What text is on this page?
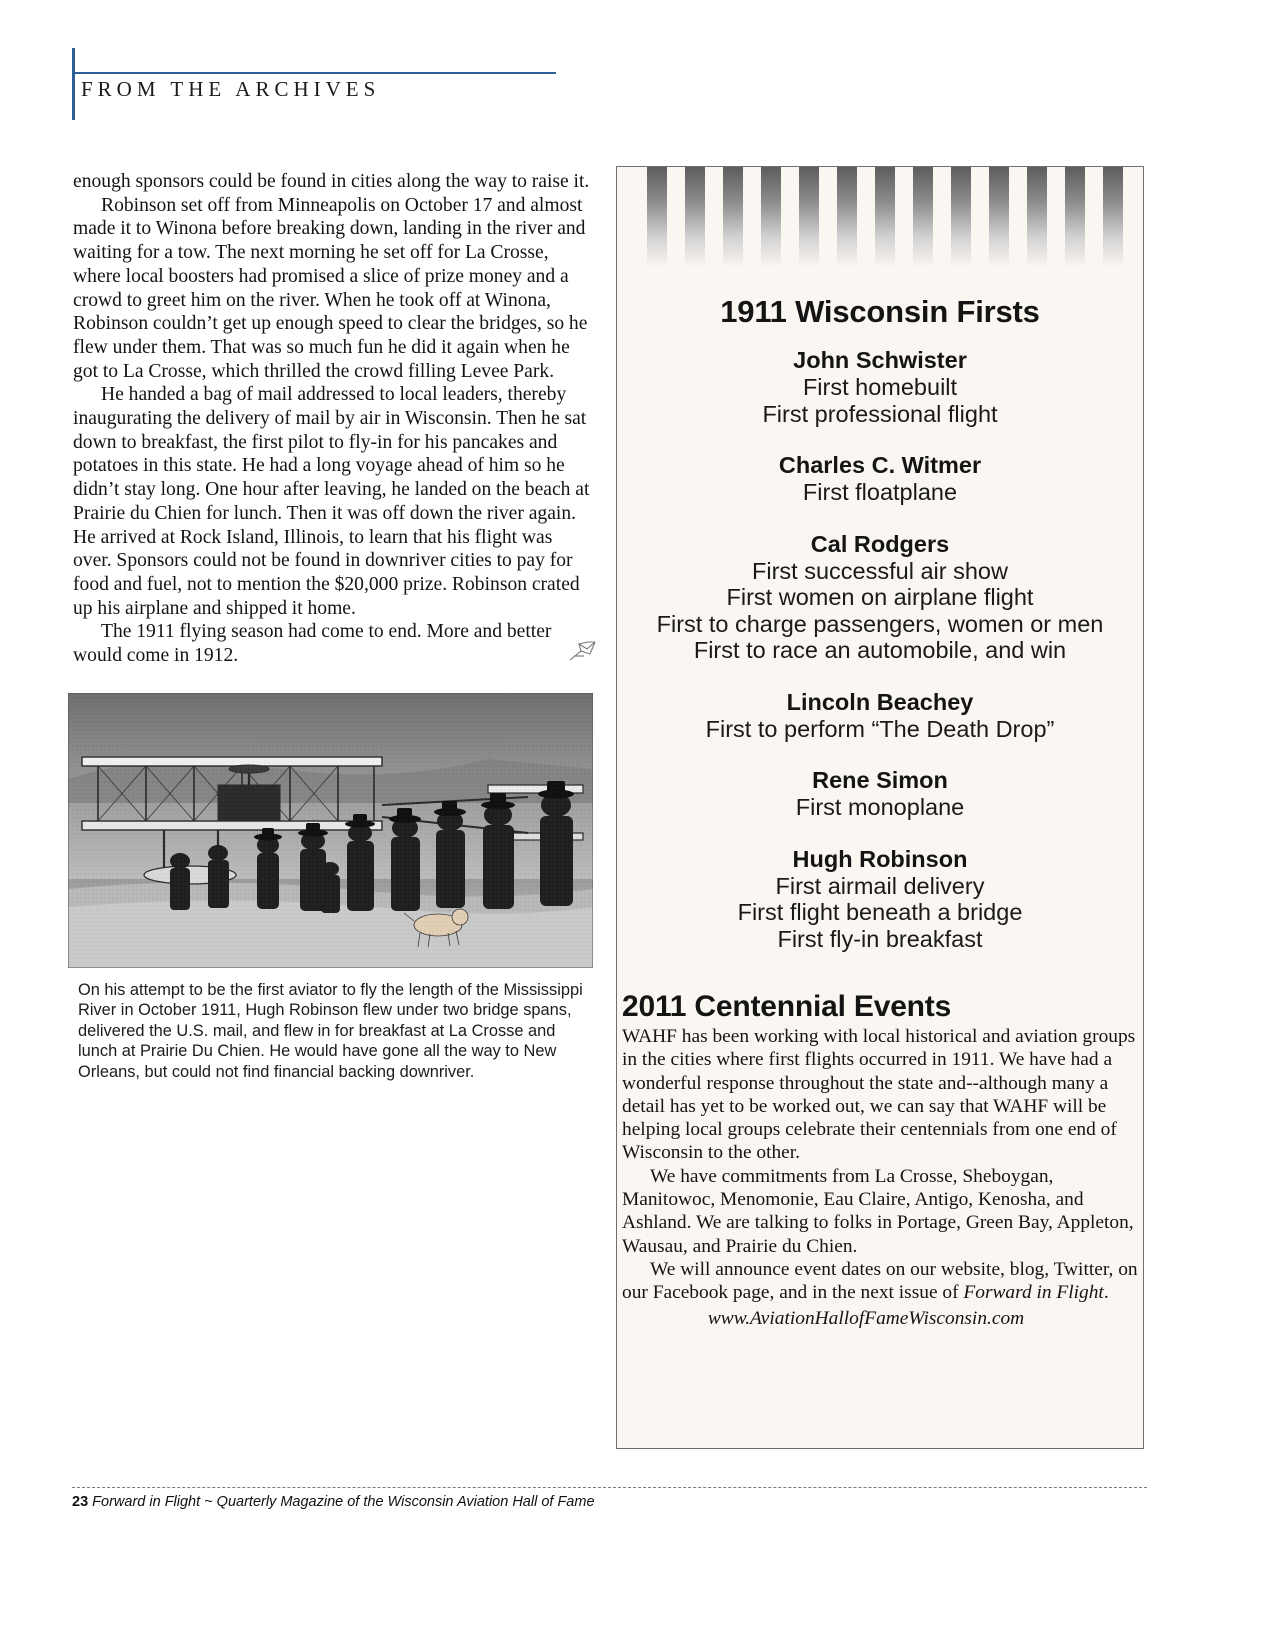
FROM THE ARCHIVES

enough sponsors could be found in cities along the way to raise it.

Robinson set off from Minneapolis on October 17 and almost made it to Winona before breaking down, landing in the river and waiting for a tow. The next morning he set off for La Crosse, where local boosters had promised a slice of prize money and a crowd to greet him on the river. When he took off at Winona, Robinson couldn’t get up enough speed to clear the bridges, so he flew under them. That was so much fun he did it again when he got to La Crosse, which thrilled the crowd filling Levee Park.

He handed a bag of mail addressed to local leaders, thereby inaugurating the delivery of mail by air in Wisconsin. Then he sat down to breakfast, the first pilot to fly-in for his pancakes and potatoes in this state. He had a long voyage ahead of him so he didn’t stay long. One hour after leaving, he landed on the beach at Prairie du Chien for lunch. Then it was off down the river again. He arrived at Rock Island, Illinois, to learn that his flight was over. Sponsors could not be found in downriver cities to pay for food and fuel, not to mention the $20,000 prize. Robinson crated up his airplane and shipped it home.

The 1911 flying season had come to end. More and better would come in 1912.

On his attempt to be the first aviator to fly the length of the Mississippi River in October 1911, Hugh Robinson flew under two bridge spans, delivered the U.S. mail, and flew in for breakfast at La Crosse and lunch at Prairie Du Chien. He would have gone all the way to New Orleans, but could not find financial backing downriver.
1911 Wisconsin Firsts
John Schwister
First homebuilt
First professional flight
Charles C. Witmer
First floatplane
Cal Rodgers
First successful air show
First women on airplane flight
First to charge passengers, women or men
First to race an automobile, and win
Lincoln Beachey
First to perform “The Death Drop”
Rene Simon
First monoplane
Hugh Robinson
First airmail delivery
First flight beneath a bridge
First fly-in breakfast
2011 Centennial Events

WAHF has been working with local historical and aviation groups in the cities where first flights occurred in 1911. We have had a wonderful response throughout the state and--although many a detail has yet to be worked out, we can say that WAHF will be helping local groups celebrate their centennials from one end of Wisconsin to the other.

We have commitments from La Crosse, Sheboygan, Manitowoc, Menomonie, Eau Claire, Antigo, Kenosha, and Ashland. We are talking to folks in Portage, Green Bay, Appleton, Wausau, and Prairie du Chien.

We will announce event dates on our website, blog, Twitter, on our Facebook page, and in the next issue of Forward in Flight.

www.AviationHallofFameWisconsin.com
23 Forward in Flight ~ Quarterly Magazine of the Wisconsin Aviation Hall of Fame
